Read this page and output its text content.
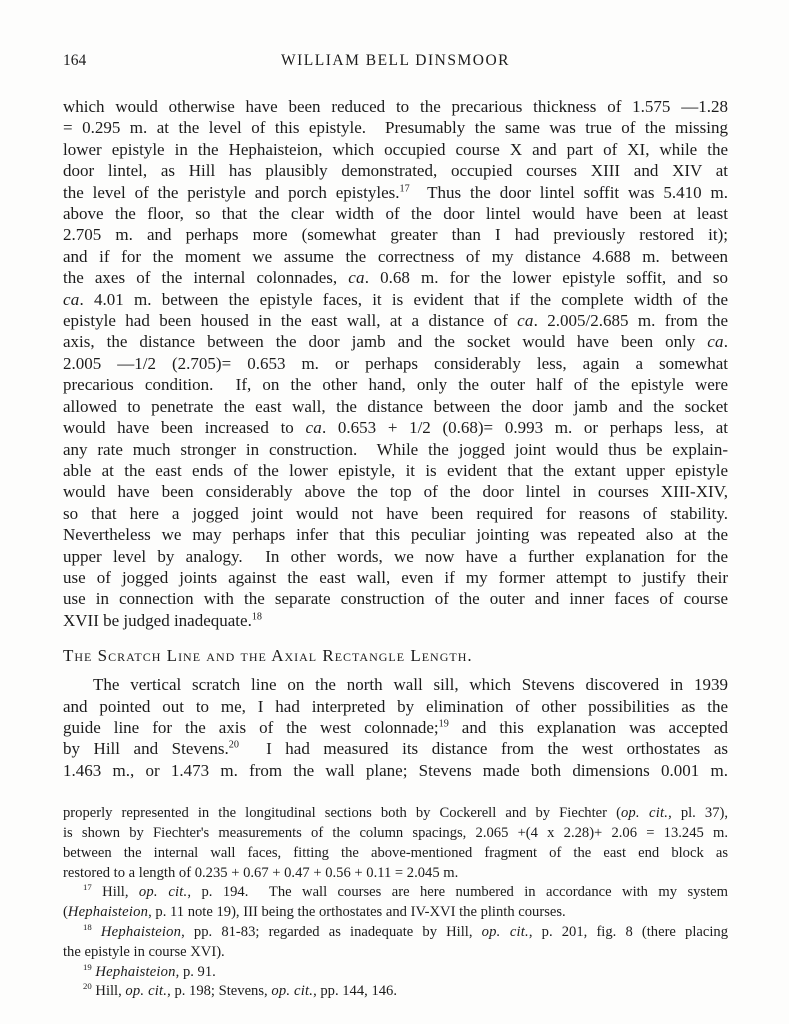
164	WILLIAM BELL DINSMOOR
which would otherwise have been reduced to the precarious thickness of 1.575 —1.28
= 0.295 m. at the level of this epistyle.  Presumably the same was true of the missing
lower epistyle in the Hephaisteion, which occupied course X and part of XI, while the
door lintel, as Hill has plausibly demonstrated, occupied courses XIII and XIV at
the level of the peristyle and porch epistyles.$^{17}$  Thus the door lintel soffit was 5.410 m.
above the floor, so that the clear width of the door lintel would have been at least
2.705 m. and perhaps more (somewhat greater than I had previously restored it);
and if for the moment we assume the correctness of my distance 4.688 m. between
the axes of the internal colonnades, ca. 0.68 m. for the lower epistyle soffit, and so
ca. 4.01 m. between the epistyle faces, it is evident that if the complete width of the
epistyle had been housed in the east wall, at a distance of ca. 2.005/2.685 m. from the
axis, the distance between the door jamb and the socket would have been only ca.
2.005 —1/2 (2.705)= 0.653 m. or perhaps considerably less, again a somewhat
precarious condition.  If, on the other hand, only the outer half of the epistyle were
allowed to penetrate the east wall, the distance between the door jamb and the socket
would have been increased to ca. 0.653 + 1/2 (0.68)= 0.993 m. or perhaps less, at
any rate much stronger in construction.  While the jogged joint would thus be explain-
able at the east ends of the lower epistyle, it is evident that the extant upper epistyle
would have been considerably above the top of the door lintel in courses XIII-XIV,
so that here a jogged joint would not have been required for reasons of stability.
Nevertheless we may perhaps infer that this peculiar jointing was repeated also at the
upper level by analogy.  In other words, we now have a further explanation for the
use of jogged joints against the east wall, even if my former attempt to justify their
use in connection with the separate construction of the outer and inner faces of course
XVII be judged inadequate.$^{18}$
The Scratch Line and the Axial Rectangle Length.
The vertical scratch line on the north wall sill, which Stevens discovered in 1939
and pointed out to me, I had interpreted by elimination of other possibilities as the
guide line for the axis of the west colonnade;$^{19}$ and this explanation was accepted
by Hill and Stevens.$^{20}$  I had measured its distance from the west orthostates as
1.463 m., or 1.473 m. from the wall plane; Stevens made both dimensions 0.001 m.
properly represented in the longitudinal sections both by Cockerell and by Fiechter (op. cit., pl. 37),
is shown by Fiechter's measurements of the column spacings, 2.065 +(4 x 2.28)+ 2.06 = 13.245 m.
between the internal wall faces, fitting the above-mentioned fragment of the east end block as
restored to a length of 0.235 + 0.67 + 0.47 + 0.56 + 0.11 = 2.045 m.
$^{17}$ Hill, op. cit., p. 194.  The wall courses are here numbered in accordance with my system
(Hephaisteion, p. 11 note 19), III being the orthostates and IV-XVI the plinth courses.
$^{18}$ Hephaisteion, pp. 81-83; regarded as inadequate by Hill, op. cit., p. 201, fig. 8 (there placing
the epistyle in course XVI).
$^{19}$ Hephaisteion, p. 91.
$^{20}$ Hill, op. cit., p. 198; Stevens, op. cit., pp. 144, 146.
